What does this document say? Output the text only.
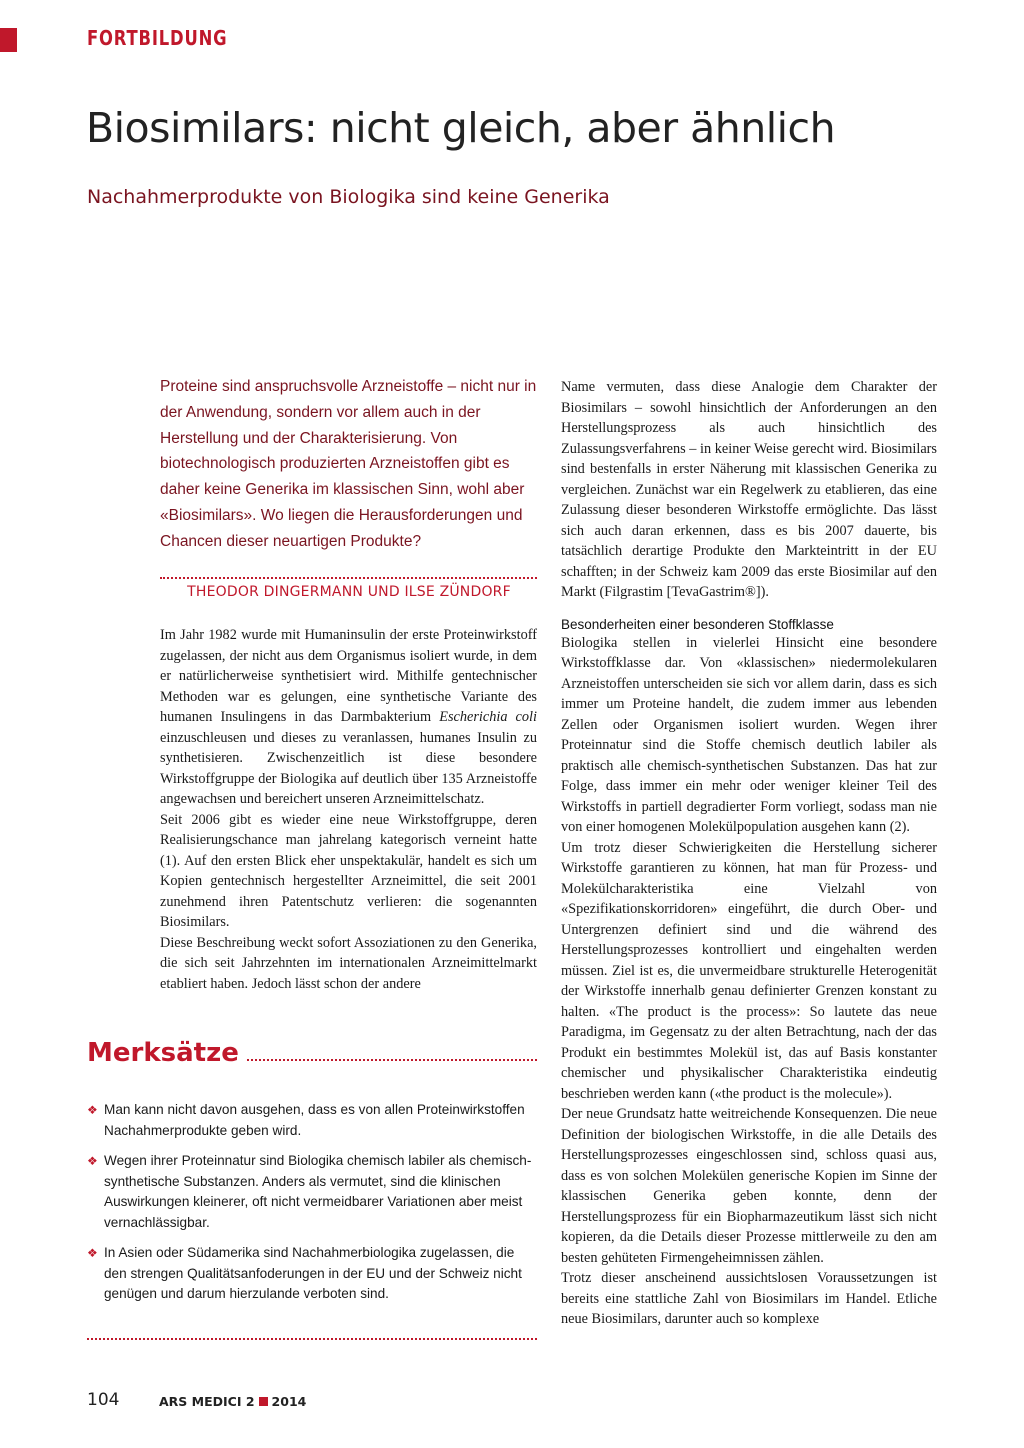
FORTBILDUNG
Biosimilars: nicht gleich, aber ähnlich
Nachahmerprodukte von Biologika sind keine Generika

Proteine sind anspruchsvolle Arzneistoffe – nicht nur in der Anwendung, sondern vor allem auch in der Herstellung und der Charakterisierung. Von biotechnologisch produzierten Arzneistoffen gibt es daher keine Generika im klassischen Sinn, wohl aber «Biosimilars». Wo liegen die Herausforderungen und Chancen dieser neuartigen Produkte?

THEODOR DINGERMANN UND ILSE ZÜNDORF

Im Jahr 1982 wurde mit Humaninsulin der erste Proteinwirkstoff zugelassen, der nicht aus dem Organismus isoliert wurde, in dem er natürlicherweise synthetisiert wird. Mithilfe gentechnischer Methoden war es gelungen, eine synthetische Variante des humanen Insulingens in das Darmbakterium Escherichia coli einzuschleusen und dieses zu veranlassen, humanes Insulin zu synthetisieren. Zwischenzeitlich ist diese besondere Wirkstoffgruppe der Biologika auf deutlich über 135 Arzneistoffe angewachsen und bereichert unseren Arzneimittelschatz.

Seit 2006 gibt es wieder eine neue Wirkstoffgruppe, deren Realisierungschance man jahrelang kategorisch verneint hatte (1). Auf den ersten Blick eher unspektakulär, handelt es sich um Kopien gentechnisch hergestellter Arzneimittel, die seit 2001 zunehmend ihren Patentschutz verlieren: die sogenannten Biosimilars.

Diese Beschreibung weckt sofort Assoziationen zu den Generika, die sich seit Jahrzehnten im internationalen Arzneimittelmarkt etabliert haben. Jedoch lässt schon der andere

Merksätze
❖ Man kann nicht davon ausgehen, dass es von allen Proteinwirkstoffen Nachahmerprodukte geben wird.
❖ Wegen ihrer Proteinnatur sind Biologika chemisch labiler als chemisch-synthetische Substanzen. Anders als vermutet, sind die klinischen Auswirkungen kleinerer, oft nicht vermeidbarer Variationen aber meist vernachlässigbar.
❖ In Asien oder Südamerika sind Nachahmerbiologika zugelassen, die den strengen Qualitätsanfoderungen in der EU und der Schweiz nicht genügen und darum hierzulande verboten sind.

Name vermuten, dass diese Analogie dem Charakter der Biosimilars – sowohl hinsichtlich der Anforderungen an den Herstellungsprozess als auch hinsichtlich des Zulassungsverfahrens – in keiner Weise gerecht wird. Biosimilars sind bestenfalls in erster Näherung mit klassischen Generika zu vergleichen. Zunächst war ein Regelwerk zu etablieren, das eine Zulassung dieser besonderen Wirkstoffe ermöglichte. Das lässt sich auch daran erkennen, dass es bis 2007 dauerte, bis tatsächlich derartige Produkte den Markteintritt in der EU schafften; in der Schweiz kam 2009 das erste Biosimilar auf den Markt (Filgrastim [TevaGastrim®]).

Besonderheiten einer besonderen Stoffklasse

Biologika stellen in vielerlei Hinsicht eine besondere Wirkstoffklasse dar. Von «klassischen» niedermolekularen Arzneistoffen unterscheiden sie sich vor allem darin, dass es sich immer um Proteine handelt, die zudem immer aus lebenden Zellen oder Organismen isoliert wurden. Wegen ihrer Proteinnatur sind die Stoffe chemisch deutlich labiler als praktisch alle chemisch-synthetischen Substanzen. Das hat zur Folge, dass immer ein mehr oder weniger kleiner Teil des Wirkstoffs in partiell degradierter Form vorliegt, sodass man nie von einer homogenen Molekülpopulation ausgehen kann (2).

Um trotz dieser Schwierigkeiten die Herstellung sicherer Wirkstoffe garantieren zu können, hat man für Prozess- und Molekülcharakteristika eine Vielzahl von «Spezifikationskorridoren» eingeführt, die durch Ober- und Untergrenzen definiert sind und die während des Herstellungsprozesses kontrolliert und eingehalten werden müssen. Ziel ist es, die unvermeidbare strukturelle Heterogenität der Wirkstoffe innerhalb genau definierter Grenzen konstant zu halten. «The product is the process»: So lautete das neue Paradigma, im Gegensatz zu der alten Betrachtung, nach der das Produkt ein bestimmtes Molekül ist, das auf Basis konstanter chemischer und physikalischer Charakteristika eindeutig beschrieben werden kann («the product is the molecule»).

Der neue Grundsatz hatte weitreichende Konsequenzen. Die neue Definition der biologischen Wirkstoffe, in die alle Details des Herstellungsprozesses eingeschlossen sind, schloss quasi aus, dass es von solchen Molekülen generische Kopien im Sinne der klassischen Generika geben konnte, denn der Herstellungsprozess für ein Biopharmazeutikum lässt sich nicht kopieren, da die Details dieser Prozesse mittlerweile zu den am besten gehüteten Firmengeheimnissen zählen.

Trotz dieser anscheinend aussichtslosen Voraussetzungen ist bereits eine stattliche Zahl von Biosimilars im Handel. Etliche neue Biosimilars, darunter auch so komplexe

104	ARS MEDICI 2 2014
